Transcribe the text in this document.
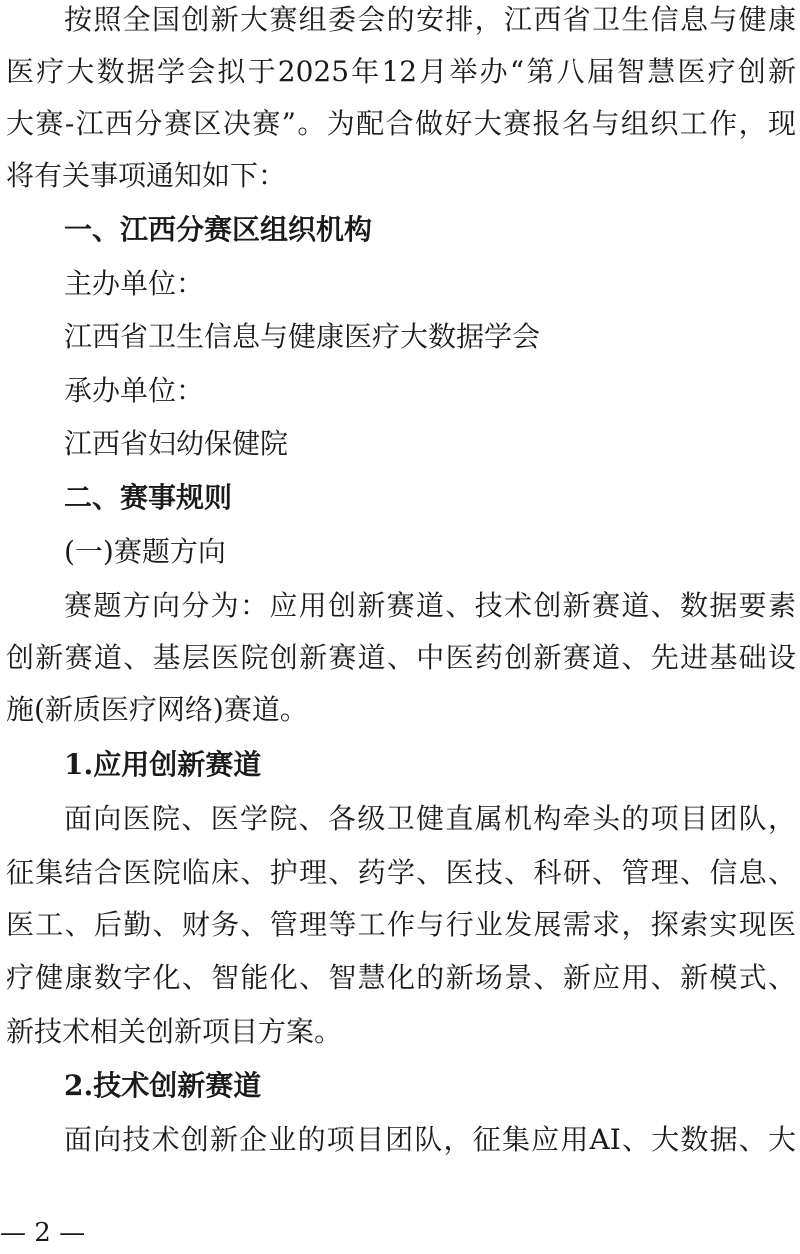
按照全国创新大赛组委会的安排，江西省卫生信息与健康
医疗大数据学会拟于2025年12月举办“第八届智慧医疗创新
大赛-江西分赛区决赛”。为配合做好大赛报名与组织工作，现
将有关事项通知如下：
一、江西分赛区组织机构
主办单位：
江西省卫生信息与健康医疗大数据学会
承办单位：
江西省妇幼保健院
二、赛事规则
(一)赛题方向
赛题方向分为：应用创新赛道、技术创新赛道、数据要素
创新赛道、基层医院创新赛道、中医药创新赛道、先进基础设
施(新质医疗网络)赛道。
1.应用创新赛道
面向医院、医学院、各级卫健直属机构牵头的项目团队，
征集结合医院临床、护理、药学、医技、科研、管理、信息、
医工、后勤、财务、管理等工作与行业发展需求，探索实现医
疗健康数字化、智能化、智慧化的新场景、新应用、新模式、
新技术相关创新项目方案。
2.技术创新赛道
面向技术创新企业的项目团队，征集应用AI、大数据、大
— 2 —
